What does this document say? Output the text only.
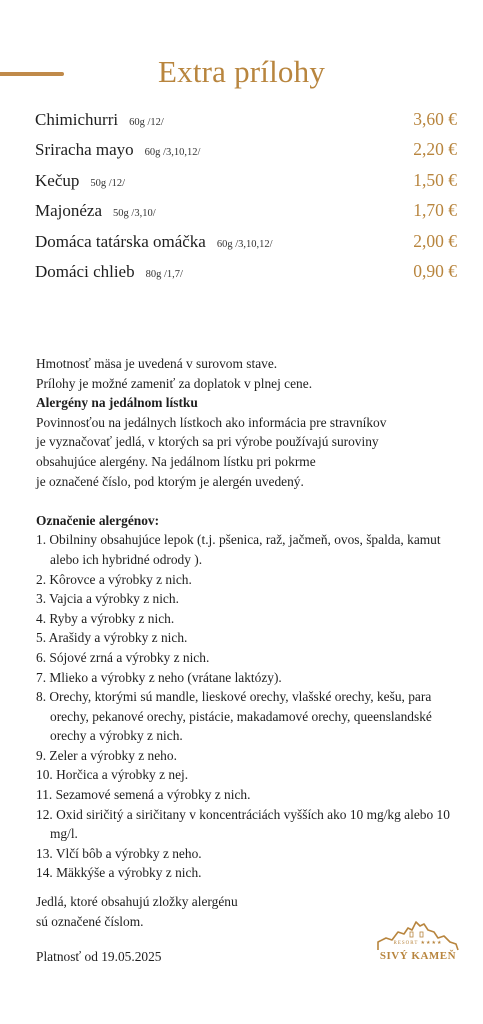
Extra prílohy
Chimichurri 60g /12/	3,60 €
Sriracha mayo 60g /3,10,12/	2,20 €
Kečup 50g /12/	1,50 €
Majonéza 50g /3,10/	1,70 €
Domáca tatárska omáčka 60g /3,10,12/	2,00 €
Domáci chlieb 80g /1,7/	0,90 €

Hmotnosť mäsa je uvedená v surovom stave.

Prílohy je možné zameniť za doplatok v plnej cene.

Alergény na jedálnom lístku

Povinnosťou na jedálnych lístkoch ako informácia pre stravníkov

je vyznačovať jedlá, v ktorých sa pri výrobe používajú suroviny

obsahujúce alergény. Na jedálnom lístku pri pokrme

je označené číslo, pod ktorým je alergén uvedený.

Označenie alergénov:

1. Obilniny obsahujúce lepok (t.j. pšenica, raž, jačmeň, ovos, špalda, kamut alebo ich hybridné odrody ).
2. Kôrovce a výrobky z nich.
3. Vajcia a výrobky z nich.
4. Ryby a výrobky z nich.
5. Arašidy a výrobky z nich.
6. Sójové zrná a výrobky z nich.
7. Mlieko a výrobky z neho (vrátane laktózy).
8. Orechy, ktorými sú mandle, lieskové orechy, vlašské orechy, kešu, para orechy, pekanové orechy, pistácie, makadamové orechy, queenslandské orechy a výrobky z nich.
9. Zeler a výrobky z neho.
10. Horčica a výrobky z nej.
11. Sezamové semená a výrobky z nich.
12. Oxid siričitý a siričitany v koncentráciách vyšších ako 10 mg/kg alebo 10 mg/l.
13. Vlčí bôb a výrobky z neho.
14. Mäkkýše a výrobky z nich.
Jedlá, ktoré obsahujú zložky alergénu
sú označené číslom.
Platnosť od 19.05.2025
RESORT ★★★★
SIVÝ KAMEŇ
